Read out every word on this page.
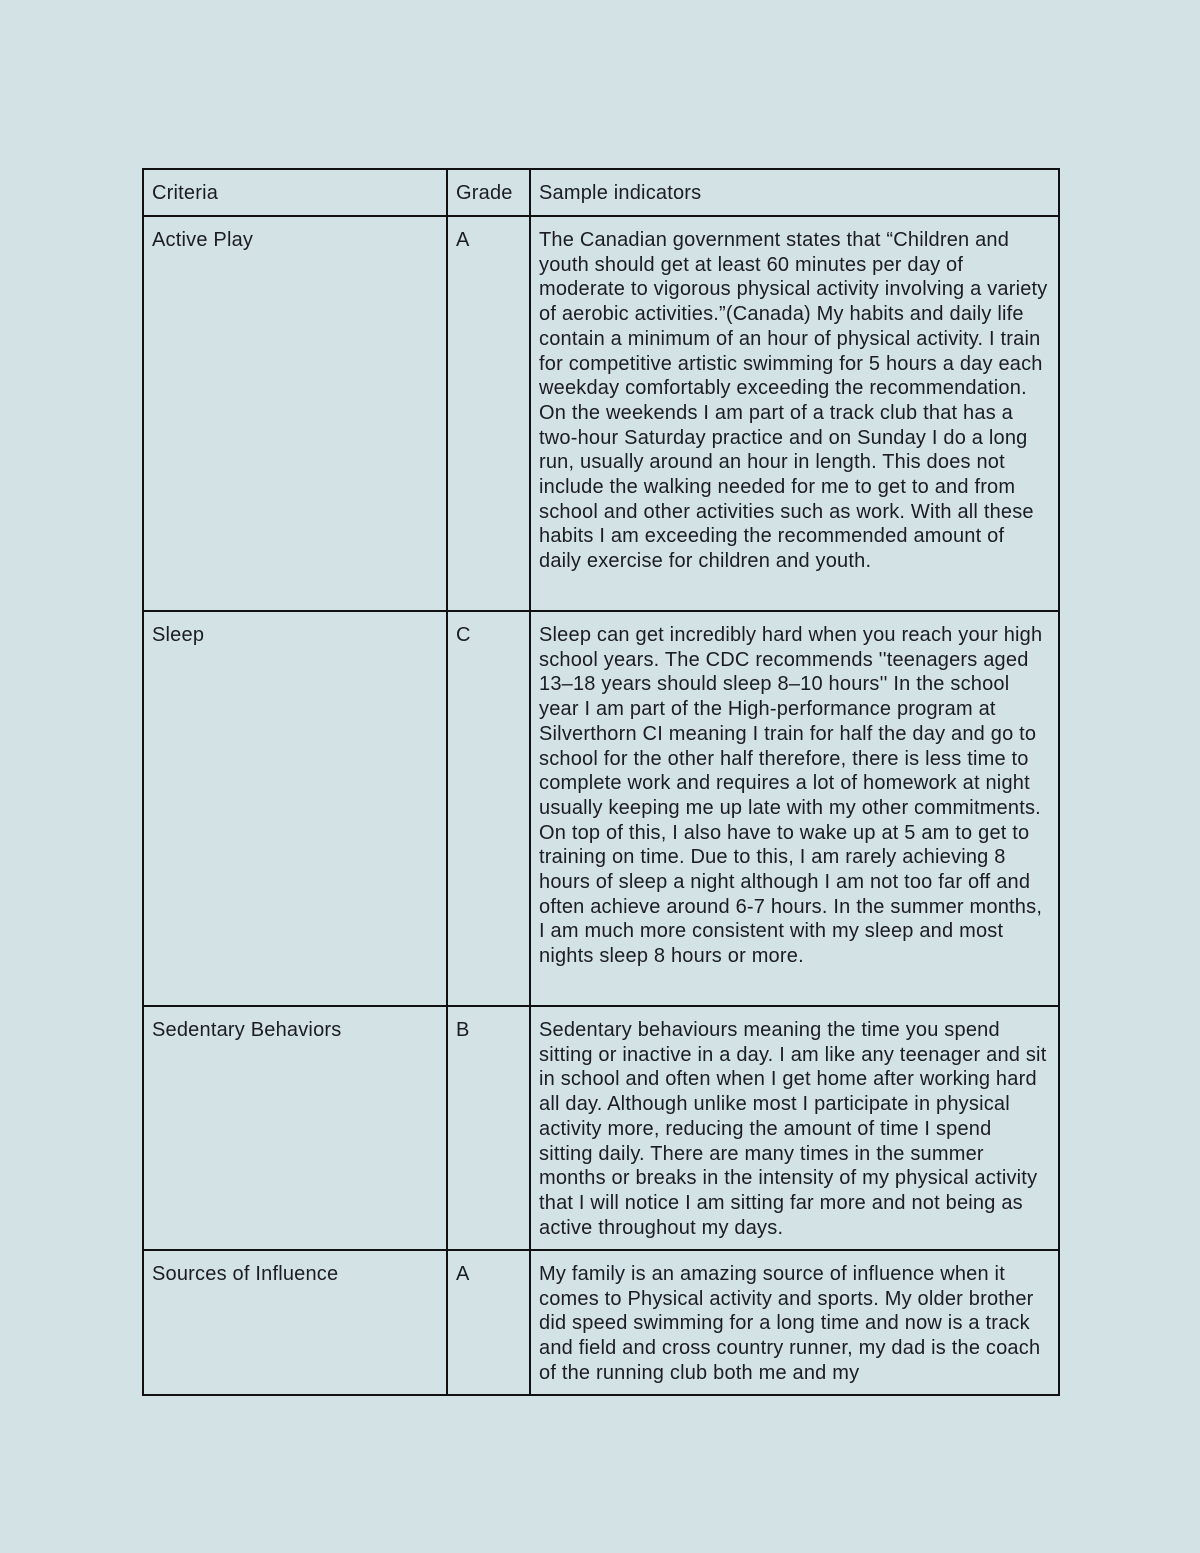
Criteria	Grade	Sample indicators
Active Play	A	The Canadian government states that “Children and youth should get at least 60 minutes per day of moderate to vigorous physical activity involving a variety of aerobic activities.”(Canada) My habits and daily life contain a minimum of an hour of physical activity. I train for competitive artistic swimming for 5 hours a day each weekday comfortably exceeding the recommendation. On the weekends I am part of a track club that has a two-hour Saturday practice and on Sunday I do a long run, usually around an hour in length. This does not include the walking needed for me to get to and from school and other activities such as work. With all these habits I am exceeding the recommended amount of daily exercise for children and youth.
Sleep	C	Sleep can get incredibly hard when you reach your high school years. The CDC recommends ''teenagers aged 13–18 years should sleep 8–10 hours'' In the school year I am part of the High-performance program at Silverthorn CI meaning I train for half the day and go to school for the other half therefore, there is less time to complete work and requires a lot of homework at night usually keeping me up late with my other commitments. On top of this, I also have to wake up at 5 am to get to training on time. Due to this, I am rarely achieving 8 hours of sleep a night although I am not too far off and often achieve around 6-7 hours. In the summer months, I am much more consistent with my sleep and most nights sleep 8 hours or more.
Sedentary Behaviors	B	Sedentary behaviours meaning the time you spend sitting or inactive in a day. I am like any teenager and sit in school and often when I get home after working hard all day. Although unlike most I participate in physical activity more, reducing the amount of time I spend sitting daily. There are many times in the summer months or breaks in the intensity of my physical activity that I will notice I am sitting far more and not being as active throughout my days.
Sources of Influence	A	My family is an amazing source of influence when it comes to Physical activity and sports. My older brother did speed swimming for a long time and now is a track and field and cross country runner, my dad is the coach of the running club both me and my
